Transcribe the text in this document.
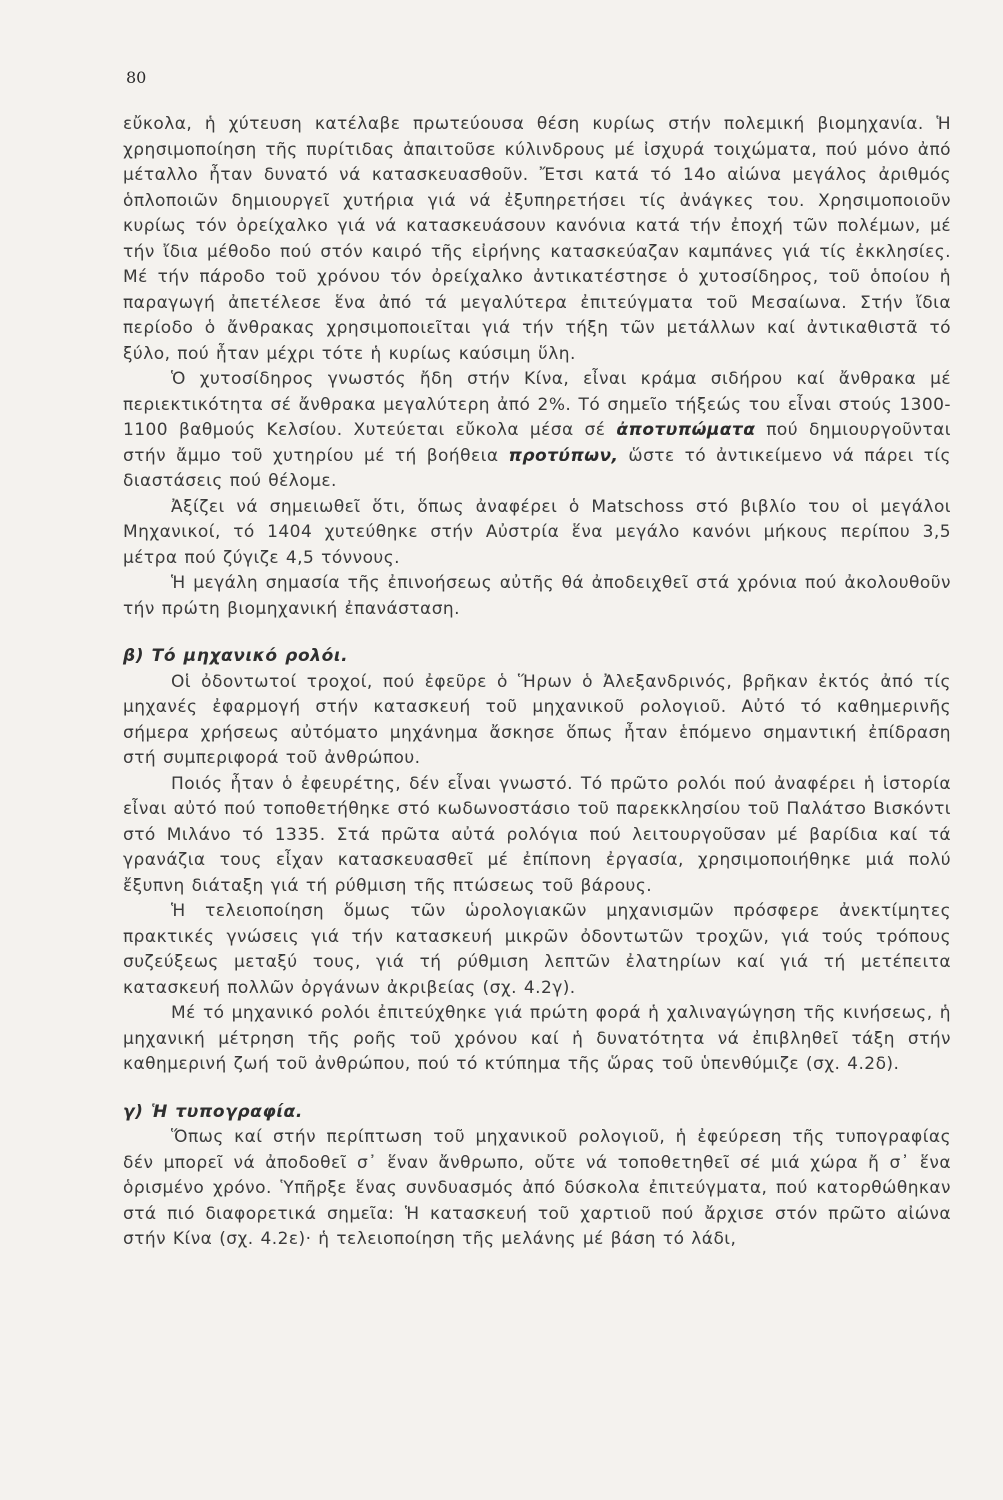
80

εὔκολα, ἡ χύτευση κατέλαβε πρωτεύουσα θέση κυρίως στήν πολεμική βιομηχανία. Ἡ χρησιμοποίηση τῆς πυρίτιδας ἀπαιτοῦσε κύλινδρους μέ ἰσχυρά τοιχώματα, πού μόνο ἀπό μέταλλο ἦταν δυνατό νά κατασκευασθοῦν. Ἔτσι κατά τό 14ο αἰώνα μεγάλος ἀριθμός ὁπλοποιῶν δημιουργεῖ χυτήρια γιά νά ἐξυπηρετήσει τίς ἀνάγκες του. Χρησιμοποιοῦν κυρίως τόν ὀρείχαλκο γιά νά κατασκευάσουν κανόνια κατά τήν ἐποχή τῶν πολέμων, μέ τήν ἴδια μέθοδο πού στόν καιρό τῆς εἰρήνης κατασκεύαζαν καμπάνες γιά τίς ἐκκλησίες. Μέ τήν πάροδο τοῦ χρόνου τόν ὀρείχαλκο ἀντικατέστησε ὁ χυτοσίδηρος, τοῦ ὁποίου ἡ παραγωγή ἀπετέλεσε ἕνα ἀπό τά μεγαλύτερα ἐπιτεύγματα τοῦ Μεσαίωνα. Στήν ἴδια περίοδο ὁ ἄνθρακας χρησιμοποιεῖται γιά τήν τήξη τῶν μετάλλων καί ἀντικαθιστᾶ τό ξύλο, πού ἦταν μέχρι τότε ἡ κυρίως καύσιμη ὕλη.

Ὁ χυτοσίδηρος γνωστός ἤδη στήν Κίνα, εἶναι κράμα σιδήρου καί ἄνθρακα μέ περιεκτικότητα σέ ἄνθρακα μεγαλύτερη ἀπό 2%. Τό σημεῖο τήξεώς του εἶναι στούς 1300-1100 βαθμούς Κελσίου. Χυτεύεται εὔκολα μέσα σέ ἀποτυπώματα πού δημιουργοῦνται στήν ἄμμο τοῦ χυτηρίου μέ τή βοήθεια προτύπων, ὥστε τό ἀντικείμενο νά πάρει τίς διαστάσεις πού θέλομε.

Ἀξίζει νά σημειωθεῖ ὅτι, ὅπως ἀναφέρει ὁ Matschoss στό βιβλίο του οἱ μεγάλοι Μηχανικοί, τό 1404 χυτεύθηκε στήν Αὐστρία ἕνα μεγάλο κανόνι μήκους περίπου 3,5 μέτρα πού ζύγιζε 4,5 τόννους.

Ἡ μεγάλη σημασία τῆς ἐπινοήσεως αὐτῆς θά ἀποδειχθεῖ στά χρόνια πού ἀκολουθοῦν τήν πρώτη βιομηχανική ἐπανάσταση.

β) Τό μηχανικό ρολόι.

Οἱ ὀδοντωτοί τροχοί, πού ἐφεῦρε ὁ Ἥρων ὁ Ἀλεξανδρινός, βρῆκαν ἐκτός ἀπό τίς μηχανές ἐφαρμογή στήν κατασκευή τοῦ μηχανικοῦ ρολογιοῦ. Αὐτό τό καθημερινῆς σήμερα χρήσεως αὐτόματο μηχάνημα ἄσκησε ὅπως ἦταν ἑπόμενο σημαντική ἐπίδραση στή συμπεριφορά τοῦ ἀνθρώπου.

Ποιός ἦταν ὁ ἐφευρέτης, δέν εἶναι γνωστό. Τό πρῶτο ρολόι πού ἀναφέρει ἡ ἱστορία εἶναι αὐτό πού τοποθετήθηκε στό κωδωνοστάσιο τοῦ παρεκκλησίου τοῦ Παλάτσο Βισκόντι στό Μιλάνο τό 1335. Στά πρῶτα αὐτά ρολόγια πού λειτουργοῦσαν μέ βαρίδια καί τά γρανάζια τους εἶχαν κατασκευασθεῖ μέ ἐπίπονη ἐργασία, χρησιμοποιήθηκε μιά πολύ ἔξυπνη διάταξη γιά τή ρύθμιση τῆς πτώσεως τοῦ βάρους.

Ἡ τελειοποίηση ὅμως τῶν ὡρολογιακῶν μηχανισμῶν πρόσφερε ἀνεκτίμητες πρακτικές γνώσεις γιά τήν κατασκευή μικρῶν ὀδοντωτῶν τροχῶν, γιά τούς τρόπους συζεύξεως μεταξύ τους, γιά τή ρύθμιση λεπτῶν ἐλατηρίων καί γιά τή μετέπειτα κατασκευή πολλῶν ὀργάνων ἀκριβείας (σχ. 4.2γ).

Μέ τό μηχανικό ρολόι ἐπιτεύχθηκε γιά πρώτη φορά ἡ χαλιναγώγηση τῆς κινήσεως, ἡ μηχανική μέτρηση τῆς ροῆς τοῦ χρόνου καί ἡ δυνατότητα νά ἐπιβληθεῖ τάξη στήν καθημερινή ζωή τοῦ ἀνθρώπου, πού τό κτύπημα τῆς ὥρας τοῦ ὑπενθύμιζε (σχ. 4.2δ).

γ) Ἡ τυπογραφία.

Ὅπως καί στήν περίπτωση τοῦ μηχανικοῦ ρολογιοῦ, ἡ ἐφεύρεση τῆς τυπογραφίας δέν μπορεῖ νά ἀποδοθεῖ σ᾽ ἕναν ἄνθρωπο, οὔτε νά τοποθετηθεῖ σέ μιά χώρα ἤ σ᾽ ἕνα ὁρισμένο χρόνο. Ὑπῆρξε ἕνας συνδυασμός ἀπό δύσκολα ἐπιτεύγματα, πού κατορθώθηκαν στά πιό διαφορετικά σημεῖα: Ἡ κατασκευή τοῦ χαρτιοῦ πού ἄρχισε στόν πρῶτο αἰώνα στήν Κίνα (σχ. 4.2ε)· ἡ τελειοποίηση τῆς μελάνης μέ βάση τό λάδι,
